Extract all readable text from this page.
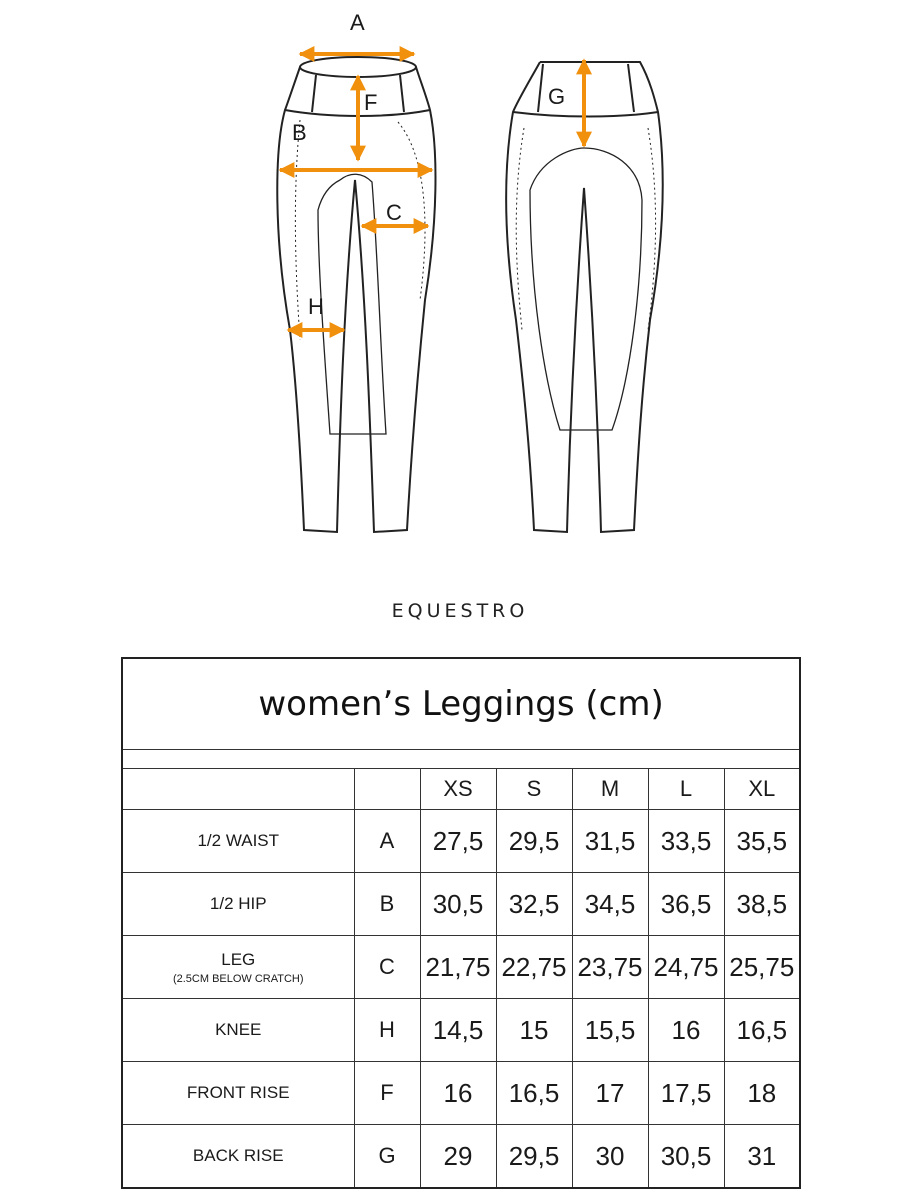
A
F
B
C
H
G
EQUESTRO
women’s Leggings (cm)						

		XS	S	M	L	XL
1/2 WAIST	A	27,5	29,5	31,5	33,5	35,5
1/2 HIP	B	30,5	32,5	34,5	36,5	38,5
LEG
(2.5CM BELOW CRATCH)	C	21,75	22,75	23,75	24,75	25,75
KNEE	H	14,5	15	15,5	16	16,5
FRONT RISE	F	16	16,5	17	17,5	18
BACK RISE	G	29	29,5	30	30,5	31
